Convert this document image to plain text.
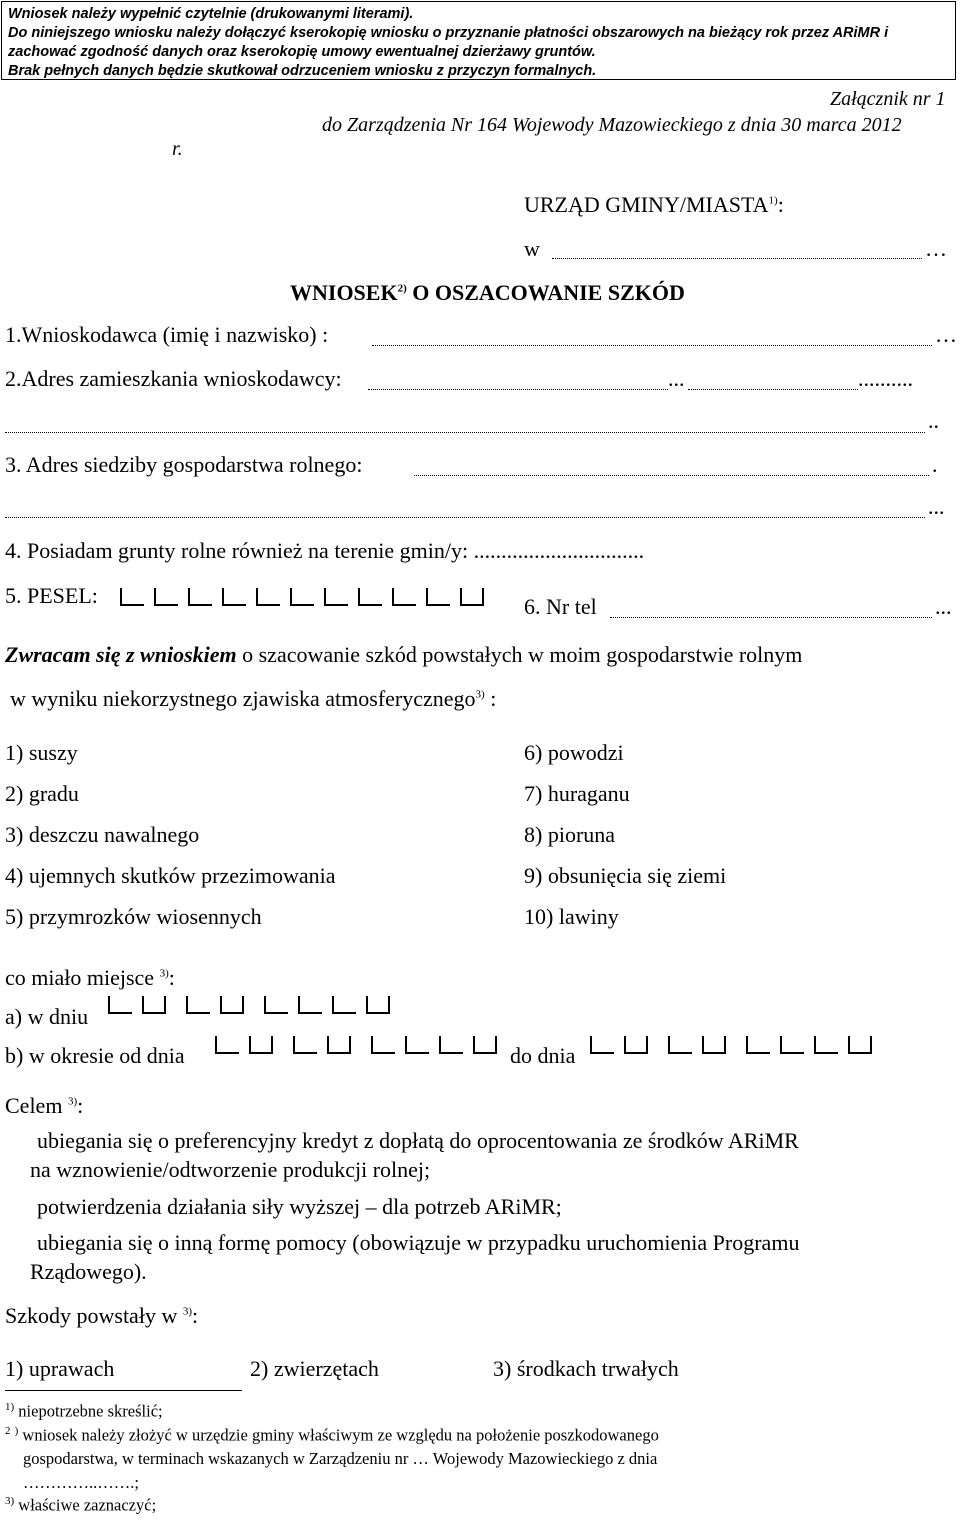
Wniosek należy wypełnić czytelnie (drukowanymi literami).
Do niniejszego wniosku należy dołączyć kserokopię wniosku o przyznanie płatności obszarowych na bieżący rok przez ARiMR i
zachować zgodność danych oraz kserokopię umowy ewentualnej dzierżawy gruntów.
Brak pełnych danych będzie skutkował odrzuceniem wniosku z przyczyn formalnych.
Załącznik nr 1
do Zarządzenia Nr 164 Wojewody Mazowieckiego z dnia 30 marca 2012
r.
URZĄD GMINY/MIASTA$^{1)}$:
w	…
WNIOSEK$^{2)}$ O OSZACOWANIE SZKÓD
1.Wnioskodawca (imię i nazwisko) :	…
2.Adres zamieszkania wnioskodawcy:	...	..........
..
3. Adres siedziby gospodarstwa rolnego:	.
...
4. Posiadam grunty rolne również na terenie gmin/y: ...............................
5. PESEL:	6. Nr tel	...
Zwracam się z wnioskiem o szacowanie szkód powstałych w moim gospodarstwie rolnym
w wyniku niekorzystnego zjawiska atmosferycznego$^{3)}$ :
1) suszy
2) gradu
3) deszczu nawalnego
4) ujemnych skutków przezimowania
5) przymrozków wiosennych
6) powodzi
7) huraganu
8) pioruna
9) obsunięcia się ziemi
10) lawiny
co miało miejsce $^{3)}$:
a) w dniu
b) w okresie od dnia	do dnia
Celem $^{3)}$:
ubiegania się o preferencyjny kredyt z dopłatą do oprocentowania ze środków ARiMR
na wznowienie/odtworzenie produkcji rolnej;
potwierdzenia działania siły wyższej – dla potrzeb ARiMR;
ubiegania się o inną formę pomocy (obowiązuje w przypadku uruchomienia Programu
Rządowego).
Szkody powstały w $^{3)}$:
1) uprawach	2) zwierzętach	3) środkach trwałych
$^{1)}$ niepotrzebne skreślić;
$^2$ ) wniosek należy złożyć w urzędzie gminy właściwym ze względu na położenie poszkodowanego
gospodarstwa, w terminach wskazanych w Zarządzeniu nr … Wojewody Mazowieckiego z dnia
…………..…….;
$^{3)}$ właściwe zaznaczyć;
